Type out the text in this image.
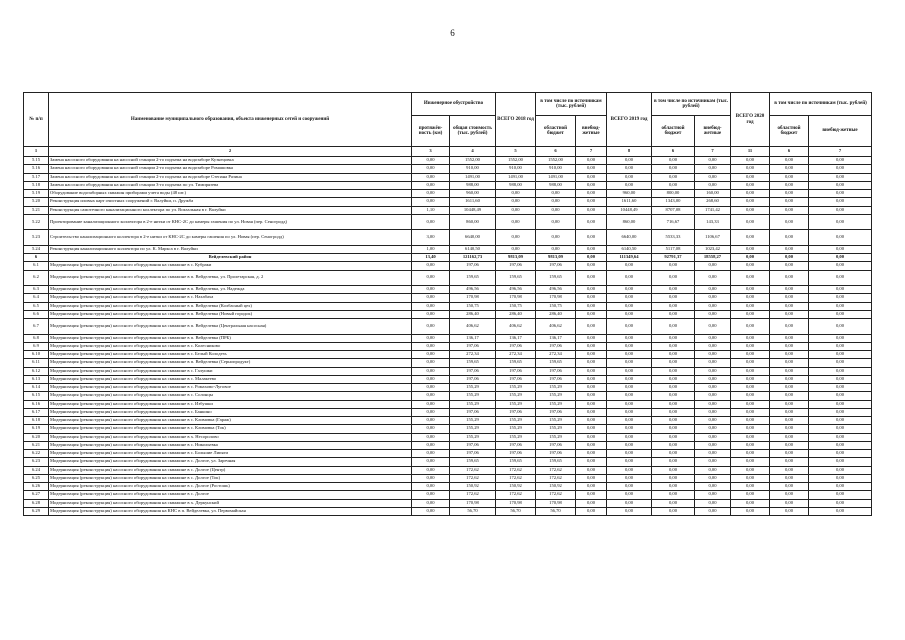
6
№ п/п	Наименование муниципального образования, объекта инженерных сетей и сооружений	Инженерное обустройство		ВСЕГО 2018 год	в том числе по источникам (тыс. рублей)		ВСЕГО 2019 год	в том числе по источникам (тыс. рублей)		ВСЕГО 2020 год	в том числе по источникам (тыс. рублей)	
		протяжён-ность (км)	общая стоимость (тыс. рублей)		областной бюджет	внебюд-жетные		областной бюджет	внебюд-жетные		областной бюджет	внебюд-жетные
1	2	3	4	5	6	7	8	6	7	11	6	7
5.15	Замена насосного оборудования на насосной станции 2-го подъема на водозаборе Кузнецовка	0,00	1552,00	1552,00	1552,00	0,00	0,00	0,00	0,00	0,00	0,00	0,00
5.16	Замена насосного оборудования на насосной станции 2-го подъема на водозаборе Ромашовка	0,00	910,00	910,00	910,00	0,00	0,00	0,00	0,00	0,00	0,00	0,00
5.17	Замена насосного оборудования на насосной станции 2-го подъема на водозаборе Степана Разина	0,00	1491,00	1491,00	1491,00	0,00	0,00	0,00	0,00	0,00	0,00	0,00
5.18	Замена насосного оборудования на насосной станции 3-го подъема по ул. Тимирязева	0,00	988,00	988,00	988,00	0,00	0,00	0,00	0,00	0,00	0,00	0,00
5.19	Оборудование водозаборных скважин приборами учета воды (48 шт.)	0,00	960,00	0,00	0,00	0,00	960,00	800,00	160,00	0,00	0,00	0,00
5.20	Реконструкция иловых карт очистных сооружений г. Валуйки, п. Дружба	0,00	1611,60	0,00	0,00	0,00	1611,60	1343,00	268,60	0,00	0,00	0,00
5.21	Реконструкция самотечного канализационного коллектора по ул. Вокзальная в г. Валуйки	1,10	10448,49	0,00	0,00	0,00	10448,49	8707,08	1741,42	0,00	0,00	0,00
5.22	Проектирование канализационного коллектора в 2-е нитки от КНС-2С до камеры гашения по ул. Новая (пер. Сеногродд)	0,00	860,00	0,00	0,00	0,00	860,00	716,67	143,33	0,00	0,00	0,00
5.23	Строительство канализационного коллектора в 2-е нитки от КНС-2С до камеры гашения по ул. Новая (пер. Сеногродд)	3,00	6640,00	0,00	0,00	0,00	6640,00	5533,33	1106,67	0,00	0,00	0,00
5.24	Реконструкция канализационного коллектора по ул. К. Маркса в г. Валуйки	1,00	6140,50	0,00	0,00	0,00	6140,50	5117,08	1023,42	0,00	0,00	0,00
6	Вейделевский район	13,40	121162,73	9813,09	9813,09	0,00	111349,64	92791,37	18558,27	0,00	0,00	0,00
6.1	Модернизация (реконструкция) насосного оборудования на скважине в с. Кубраки	0,00	197,06	197,06	197,06	0,00	0,00	0,00	0,00	0,00	0,00	0,00
6.2	Модернизация (реконструкция) насосного оборудования на скважине в п. Вейделевка, ул. Пролетарская, д. 2	0,00	159,65	159,65	159,65	0,00	0,00	0,00	0,00	0,00	0,00	0,00
6.3	Модернизация (реконструкция) насосного оборудования на скважине в п. Вейделевка, ул. Надежда	0,00	496,56	496,56	496,56	0,00	0,00	0,00	0,00	0,00	0,00	0,00
6.4	Модернизация (реконструкция) насосного оборудования на скважине в с. Нахабаха	0,00	170,98	170,98	170,98	0,00	0,00	0,00	0,00	0,00	0,00	0,00
6.5	Модернизация (реконструкция) насосного оборудования на скважине в п. Вейделевка (Колбасный цех)	0,00	150,75	150,75	150,75	0,00	0,00	0,00	0,00	0,00	0,00	0,00
6.6	Модернизация (реконструкция) насосного оборудования на скважине в п. Вейделевка (Новый городок)	0,00	286,40	286,40	286,40	0,00	0,00	0,00	0,00	0,00	0,00	0,00
6.7	Модернизация (реконструкция) насосного оборудования на скважине в п. Вейделевка (Центральная насосная)	0,00	406,62	406,62	406,62	0,00	0,00	0,00	0,00	0,00	0,00	0,00
6.8	Модернизация (реконструкция) насосного оборудования на скважине в п. Вейделевка (ПРБ)	0,00	136,17	136,17	136,17	0,00	0,00	0,00	0,00	0,00	0,00	0,00
6.9	Модернизация (реконструкция) насосного оборудования на скважине в с. Колесниково	0,00	197,06	197,06	197,06	0,00	0,00	0,00	0,00	0,00	0,00	0,00
6.10	Модернизация (реконструкция) насосного оборудования на скважине в с. Белый Колодезь	0,00	272,34	272,34	272,34	0,00	0,00	0,00	0,00	0,00	0,00	0,00
6.11	Модернизация (реконструкция) насосного оборудования на скважине в п. Вейделевка (Сернопродукт)	0,00	159,65	159,65	159,65	0,00	0,00	0,00	0,00	0,00	0,00	0,00
6.12	Модернизация (реконструкция) насосного оборудования на скважине в с. Галушки	0,00	197,06	197,06	197,06	0,00	0,00	0,00	0,00	0,00	0,00	0,00
6.13	Модернизация (реконструкция) насосного оборудования на скважине в с. Малакеево	0,00	197,06	197,06	197,06	0,00	0,00	0,00	0,00	0,00	0,00	0,00
6.14	Модернизация (реконструкция) насосного оборудования на скважине в с. Ромахово-Луговое	0,00	155,29	155,29	155,29	0,00	0,00	0,00	0,00	0,00	0,00	0,00
6.15	Модернизация (реконструкция) насосного оборудования на скважине в с. Солонцы	0,00	155,29	155,29	155,29	0,00	0,00	0,00	0,00	0,00	0,00	0,00
6.16	Модернизация (реконструкция) насосного оборудования на скважине в с. Избушки	0,00	155,29	155,29	155,29	0,00	0,00	0,00	0,00	0,00	0,00	0,00
6.17	Модернизация (реконструкция) насосного оборудования на скважине в с. Банкино	0,00	197,06	197,06	197,06	0,00	0,00	0,00	0,00	0,00	0,00	0,00
6.18	Модернизация (реконструкция) насосного оборудования на скважине в с. Климовка (Гараж)	0,00	155,29	155,29	155,29	0,00	0,00	0,00	0,00	0,00	0,00	0,00
6.19	Модернизация (реконструкция) насосного оборудования на скважине в с. Климовка (Ток)	0,00	155,29	155,29	155,29	0,00	0,00	0,00	0,00	0,00	0,00	0,00
6.20	Модернизация (реконструкция) насосного оборудования на скважине в х. Несоролово	0,00	155,29	155,29	155,29	0,00	0,00	0,00	0,00	0,00	0,00	0,00
6.21	Модернизация (реконструкция) насосного оборудования на скважине в с. Никольевка	0,00	197,06	197,06	197,06	0,00	0,00	0,00	0,00	0,00	0,00	0,00
6.22	Модернизация (реконструкция) насосного оборудования на скважине в с. Большие Липяги	0,00	197,06	197,06	197,06	0,00	0,00	0,00	0,00	0,00	0,00	0,00
6.23	Модернизация (реконструкция) насосного оборудования на скважине в с. Долгое, ул. Заречная	0,00	159,65	159,65	159,65	0,00	0,00	0,00	0,00	0,00	0,00	0,00
6.24	Модернизация (реконструкция) насосного оборудования на скважине в с. Долгое (Центр)	0,00	172,62	172,62	172,62	0,00	0,00	0,00	0,00	0,00	0,00	0,00
6.25	Модернизация (реконструкция) насосного оборудования на скважине в с. Долгое (Ток)	0,00	172,62	172,62	172,62	0,00	0,00	0,00	0,00	0,00	0,00	0,00
6.26	Модернизация (реконструкция) насосного оборудования на скважине в с. Долгое (Ростошь)	0,00	150,92	150,92	150,92	0,00	0,00	0,00	0,00	0,00	0,00	0,00
6.27	Модернизация (реконструкция) насосного оборудования на скважине в с. Долгое	0,00	172,62	172,62	172,62	0,00	0,00	0,00	0,00	0,00	0,00	0,00
6.28	Модернизация (реконструкция) насосного оборудования на скважине в х. Деркунский	0,00	170,98	170,98	170,98	0,00	0,00	0,00	0,00	0,00	0,00	0,00
6.29	Модернизация (реконструкция) насосного оборудования на КНС в п. Вейделевка, ул. Первомайская	0,00	56,70	56,70	56,70	0,00	0,00	0,00	0,00	0,00	0,00	0,00
